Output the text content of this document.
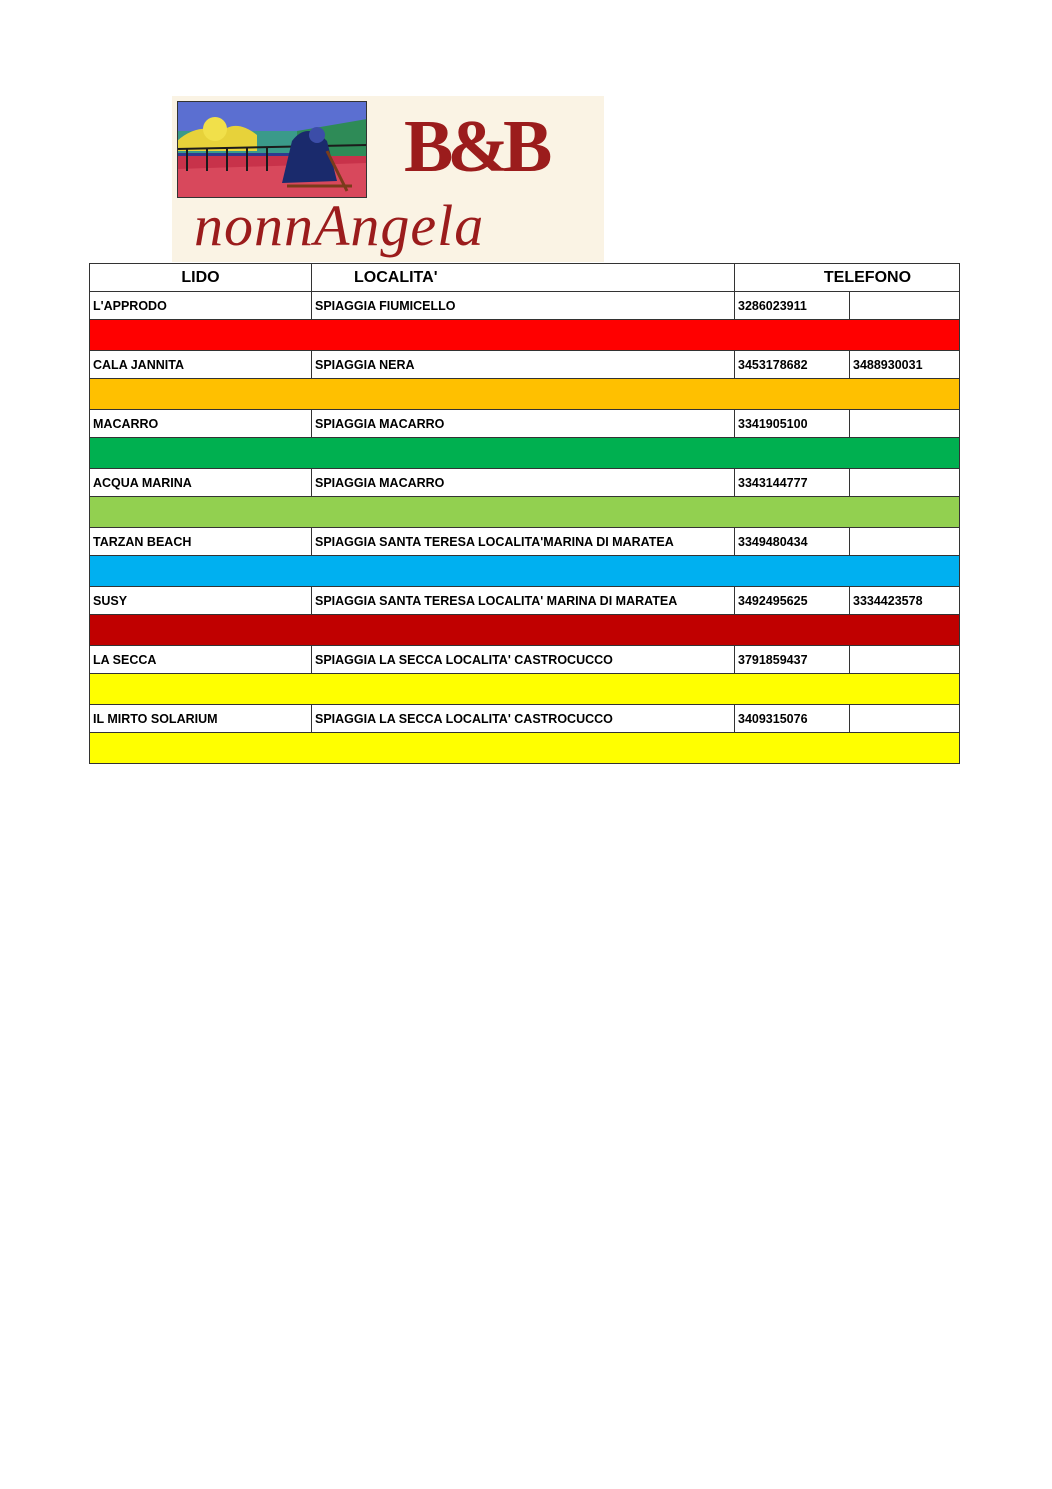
B&B
nonnAngela
LIDO	LOCALITA'	TELEFONO	
L'APPRODO	SPIAGGIA FIUMICELLO	3286023911	

CALA JANNITA	SPIAGGIA NERA	3453178682	3488930031

MACARRO	SPIAGGIA MACARRO	3341905100	

ACQUA MARINA	SPIAGGIA MACARRO	3343144777	

TARZAN BEACH	SPIAGGIA SANTA TERESA LOCALITA'MARINA DI MARATEA	3349480434	

SUSY	SPIAGGIA SANTA TERESA LOCALITA' MARINA DI MARATEA	3492495625	3334423578

LA SECCA	SPIAGGIA LA SECCA LOCALITA' CASTROCUCCO	3791859437	

IL MIRTO SOLARIUM	SPIAGGIA LA SECCA LOCALITA' CASTROCUCCO	3409315076	
